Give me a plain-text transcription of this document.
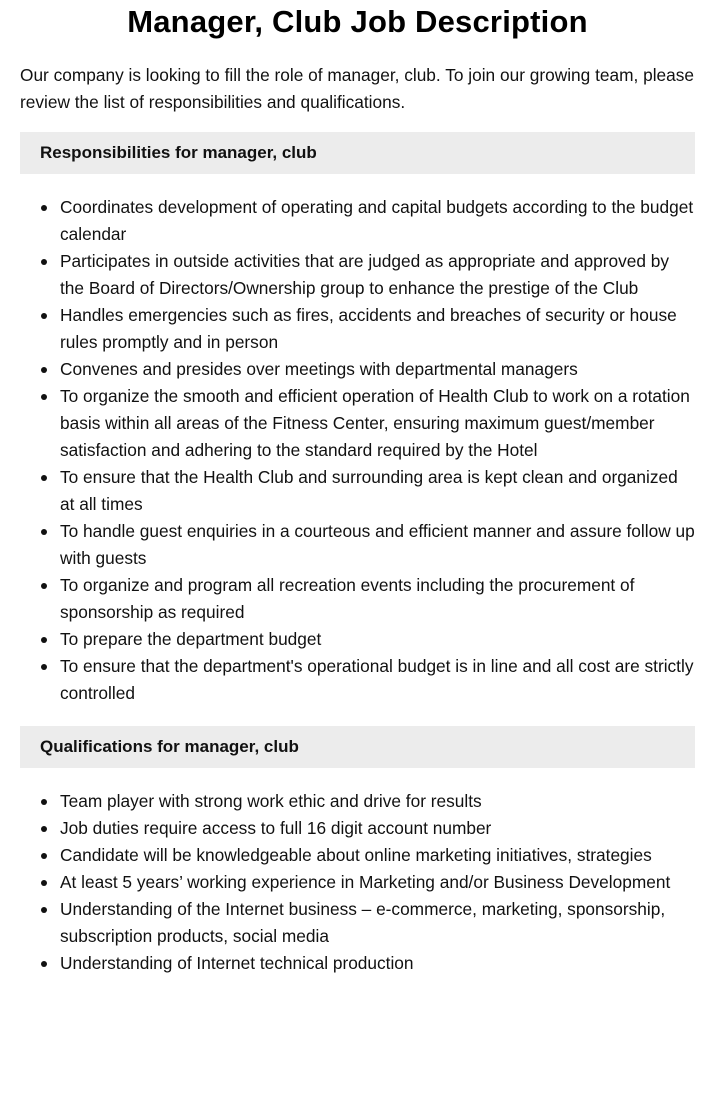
Manager, Club Job Description

Our company is looking to fill the role of manager, club. To join our growing team, please review the list of responsibilities and qualifications.

Responsibilities for manager, club
Coordinates development of operating and capital budgets according to the budget calendar
Participates in outside activities that are judged as appropriate and approved by the Board of Directors/Ownership group to enhance the prestige of the Club
Handles emergencies such as fires, accidents and breaches of security or house rules promptly and in person
Convenes and presides over meetings with departmental managers
To organize the smooth and efficient operation of Health Club to work on a rotation basis within all areas of the Fitness Center, ensuring maximum guest/member satisfaction and adhering to the standard required by the Hotel
To ensure that the Health Club and surrounding area is kept clean and organized at all times
To handle guest enquiries in a courteous and efficient manner and assure follow up with guests
To organize and program all recreation events including the procurement of sponsorship as required
To prepare the department budget
To ensure that the department's operational budget is in line and all cost are strictly controlled
Qualifications for manager, club
Team player with strong work ethic and drive for results
Job duties require access to full 16 digit account number
Candidate will be knowledgeable about online marketing initiatives, strategies
At least 5 years’ working experience in Marketing and/or Business Development
Understanding of the Internet business – e-commerce, marketing, sponsorship, subscription products, social media
Understanding of Internet technical production
